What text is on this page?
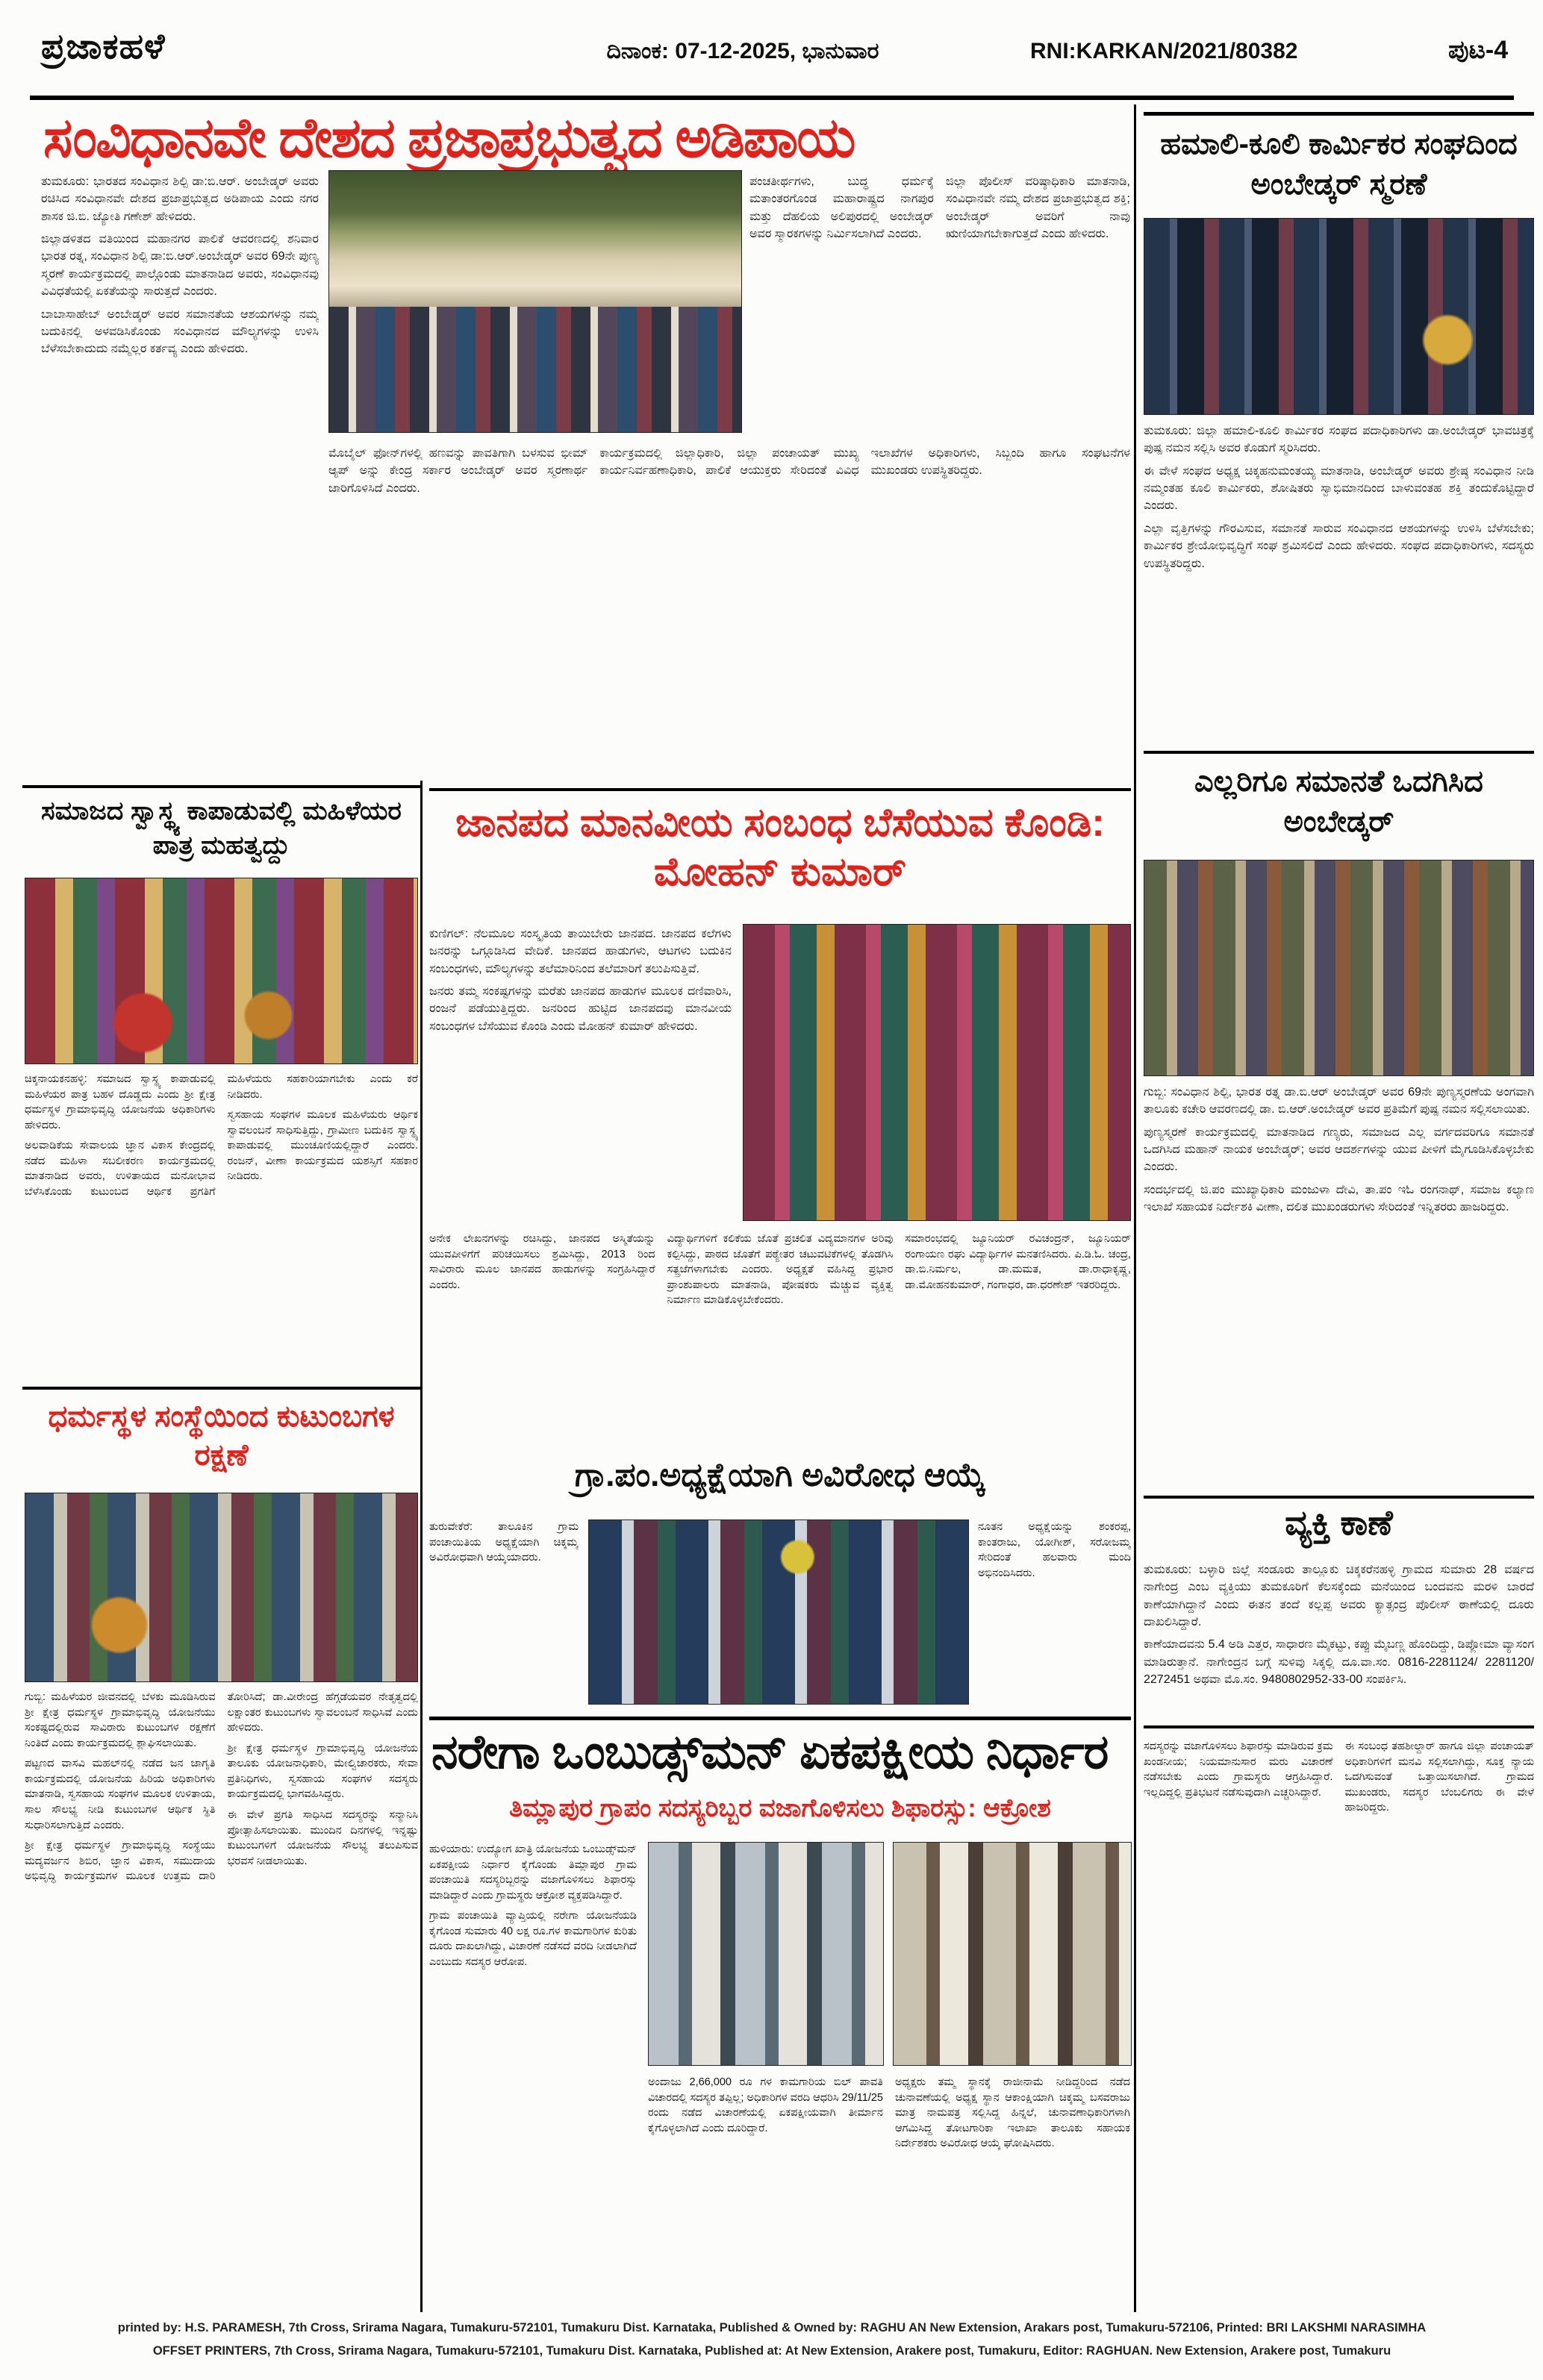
ಪ್ರಜಾಕಹಳೆ	ದಿನಾಂಕ: 07-12-2025, ಭಾನುವಾರ	RNI:KARKAN/2021/80382	ಪುಟ-4
ಸಂವಿಧಾನವೇ ದೇಶದ ಪ್ರಜಾಪ್ರಭುತ್ವದ ಅಡಿಪಾಯ

ತುಮಕೂರು: ಭಾರತದ ಸಂವಿಧಾನ ಶಿಲ್ಪಿ ಡಾ:ಬಿ.ಆರ್. ಅಂಬೇಡ್ಕರ್ ಅವರು ರಚಿಸಿದ ಸಂವಿಧಾನವೇ ದೇಶದ ಪ್ರಜಾಪ್ರಭುತ್ವದ ಅಡಿಪಾಯ ಎಂದು ನಗರ ಶಾಸಕ ಜಿ.ಬಿ. ಜ್ಯೋತಿ ಗಣೇಶ್ ಹೇಳಿದರು.

ಜಿಲ್ಲಾಡಳಿತದ ವತಿಯಿಂದ ಮಹಾನಗರ ಪಾಲಿಕೆ ಆವರಣದಲ್ಲಿ ಶನಿವಾರ ಭಾರತ ರತ್ನ, ಸಂವಿಧಾನ ಶಿಲ್ಪಿ ಡಾ:ಬಿ.ಆರ್.ಅಂಬೇಡ್ಕರ್ ಅವರ 69ನೇ ಪುಣ್ಯ ಸ್ಮರಣೆ ಕಾರ್ಯಕ್ರಮದಲ್ಲಿ ಪಾಲ್ಗೊಂಡು ಮಾತನಾಡಿದ ಅವರು, ಸಂವಿಧಾನವು ವಿವಿಧತೆಯಲ್ಲಿ ಏಕತೆಯನ್ನು ಸಾರುತ್ತದೆ ಎಂದರು.

ಬಾಬಾಸಾಹೇಬ್ ಅಂಬೇಡ್ಕರ್ ಅವರ ಸಮಾನತೆಯ ಆಶಯಗಳನ್ನು ನಮ್ಮ ಬದುಕಿನಲ್ಲಿ ಅಳವಡಿಸಿಕೊಂಡು ಸಂವಿಧಾನದ ಮೌಲ್ಯಗಳನ್ನು ಉಳಿಸಿ ಬೆಳೆಸಬೇಕಾದುದು ನಮ್ಮೆಲ್ಲರ ಕರ್ತವ್ಯ ಎಂದು ಹೇಳಿದರು.

ಪಂಚತೀರ್ಥಗಳು, ಬುದ್ಧ ಧರ್ಮಕ್ಕೆ ಮತಾಂತರಗೊಂಡ ಮಹಾರಾಷ್ಟ್ರದ ನಾಗಪುರ ಮತ್ತು ದೆಹಲಿಯ ಅಲಿಪುರದಲ್ಲಿ ಅಂಬೇಡ್ಕರ್ ಅವರ ಸ್ಮಾರಕಗಳನ್ನು ನಿರ್ಮಿಸಲಾಗಿದೆ ಎಂದರು.

ಜಿಲ್ಲಾ ಪೊಲೀಸ್ ವರಿಷ್ಠಾಧಿಕಾರಿ ಮಾತನಾಡಿ, ಸಂವಿಧಾನವೇ ನಮ್ಮ ದೇಶದ ಪ್ರಜಾಪ್ರಭುತ್ವದ ಶಕ್ತಿ; ಅಂಬೇಡ್ಕರ್ ಅವರಿಗೆ ನಾವು ಋಣಿಯಾಗಬೇಕಾಗುತ್ತದೆ ಎಂದು ಹೇಳಿದರು.

ಮೊಬೈಲ್ ಫೋನ್‌ಗಳಲ್ಲಿ ಹಣವನ್ನು ಪಾವತಿಗಾಗಿ ಬಳಸುವ ಭೀಮ್ ಆ್ಯಪ್ ಅನ್ನು ಕೇಂದ್ರ ಸರ್ಕಾರ ಅಂಬೇಡ್ಕರ್ ಅವರ ಸ್ಮರಣಾರ್ಥ ಜಾರಿಗೊಳಿಸಿದೆ ಎಂದರು.

ಕಾರ್ಯಕ್ರಮದಲ್ಲಿ ಜಿಲ್ಲಾಧಿಕಾರಿ, ಜಿಲ್ಲಾ ಪಂಚಾಯತ್ ಮುಖ್ಯ ಕಾರ್ಯನಿರ್ವಹಣಾಧಿಕಾರಿ, ಪಾಲಿಕೆ ಆಯುಕ್ತರು ಸೇರಿದಂತೆ ವಿವಿಧ ಇಲಾಖೆಗಳ ಅಧಿಕಾರಿಗಳು, ಸಿಬ್ಬಂದಿ ಹಾಗೂ ಸಂಘಟನೆಗಳ ಮುಖಂಡರು ಉಪಸ್ಥಿತರಿದ್ದರು.

ಹಮಾಲಿ-ಕೂಲಿ ಕಾರ್ಮಿಕರ ಸಂಘದಿಂದ ಅಂಬೇಡ್ಕರ್ ಸ್ಮರಣೆ

ತುಮಕೂರು: ಜಿಲ್ಲಾ ಹಮಾಲಿ-ಕೂಲಿ ಕಾರ್ಮಿಕರ ಸಂಘದ ಪದಾಧಿಕಾರಿಗಳು ಡಾ.ಅಂಬೇಡ್ಕರ್ ಭಾವಚಿತ್ರಕ್ಕೆ ಪುಷ್ಪ ನಮನ ಸಲ್ಲಿಸಿ ಅವರ ಕೊಡುಗೆ ಸ್ಮರಿಸಿದರು.

ಈ ವೇಳೆ ಸಂಘದ ಅಧ್ಯಕ್ಷ ಚಿಕ್ಕಹನುಮಂತಯ್ಯ ಮಾತನಾಡಿ, ಅಂಬೇಡ್ಕರ್ ಅವರು ಶ್ರೇಷ್ಠ ಸಂವಿಧಾನ ನೀಡಿ ನಮ್ಮಂತಹ ಕೂಲಿ ಕಾರ್ಮಿಕರು, ಶೋಷಿತರು ಸ್ವಾಭಿಮಾನದಿಂದ ಬಾಳುವಂತಹ ಶಕ್ತಿ ತಂದುಕೊಟ್ಟಿದ್ದಾರೆ ಎಂದರು.

ಎಲ್ಲಾ ವೃತ್ತಿಗಳನ್ನು ಗೌರವಿಸುವ, ಸಮಾನತೆ ಸಾರುವ ಸಂವಿಧಾನದ ಆಶಯಗಳನ್ನು ಉಳಿಸಿ ಬೆಳೆಸಬೇಕು; ಕಾರ್ಮಿಕರ ಶ್ರೇಯೋಭಿವೃದ್ಧಿಗೆ ಸಂಘ ಶ್ರಮಿಸಲಿದೆ ಎಂದು ಹೇಳಿದರು. ಸಂಘದ ಪದಾಧಿಕಾರಿಗಳು, ಸದಸ್ಯರು ಉಪಸ್ಥಿತರಿದ್ದರು.

ಸಮಾಜದ ಸ್ವಾಸ್ಥ್ಯ ಕಾಪಾಡುವಲ್ಲಿ ಮಹಿಳೆಯರ ಪಾತ್ರ ಮಹತ್ವದ್ದು

ಚಿಕ್ಕನಾಯಕನಹಳ್ಳಿ: ಸಮಾಜದ ಸ್ವಾಸ್ಥ್ಯ ಕಾಪಾಡುವಲ್ಲಿ ಮಹಿಳೆಯರ ಪಾತ್ರ ಬಹಳ ದೊಡ್ಡದು ಎಂದು ಶ್ರೀ ಕ್ಷೇತ್ರ ಧರ್ಮಸ್ಥಳ ಗ್ರಾಮಾಭಿವೃದ್ಧಿ ಯೋಜನೆಯ ಅಧಿಕಾರಿಗಳು ಹೇಳಿದರು.

ಅಲವಾಡಿಕೆಯ ಸೇವಾಲಯ ಜ್ಞಾನ ವಿಕಾಸ ಕೇಂದ್ರದಲ್ಲಿ ನಡೆದ ಮಹಿಳಾ ಸಬಲೀಕರಣ ಕಾರ್ಯಕ್ರಮದಲ್ಲಿ ಮಾತನಾಡಿದ ಅವರು, ಉಳಿತಾಯದ ಮನೋಭಾವ ಬೆಳೆಸಿಕೊಂಡು ಕುಟುಂಬದ ಆರ್ಥಿಕ ಪ್ರಗತಿಗೆ ಮಹಿಳೆಯರು ಸಹಕಾರಿಯಾಗಬೇಕು ಎಂದು ಕರೆ ನೀಡಿದರು.

ಸ್ವಸಹಾಯ ಸಂಘಗಳ ಮೂಲಕ ಮಹಿಳೆಯರು ಆರ್ಥಿಕ ಸ್ವಾವಲಂಬನೆ ಸಾಧಿಸುತ್ತಿದ್ದು, ಗ್ರಾಮೀಣ ಬದುಕಿನ ಸ್ವಾಸ್ಥ್ಯ ಕಾಪಾಡುವಲ್ಲಿ ಮುಂಚೂಣಿಯಲ್ಲಿದ್ದಾರೆ ಎಂದರು. ರಂಜನ್, ವೀಣಾ ಕಾರ್ಯಕ್ರಮದ ಯಶಸ್ಸಿಗೆ ಸಹಕಾರ ನೀಡಿದರು.

ಜಾನಪದ ಮಾನವೀಯ ಸಂಬಂಧ ಬೆಸೆಯುವ ಕೊಂಡಿ: ಮೋಹನ್ ಕುಮಾರ್

ಕುಣಿಗಲ್: ನೆಲಮೂಲ ಸಂಸ್ಕೃತಿಯ ತಾಯಿಬೇರು ಜಾನಪದ. ಜಾನಪದ ಕಲೆಗಳು ಜನರನ್ನು ಒಗ್ಗೂಡಿಸಿದ ವೇದಿಕೆ. ಜಾನಪದ ಹಾಡುಗಳು, ಆಟಗಳು ಬದುಕಿನ ಸಂಬಂಧಗಳು, ಮೌಲ್ಯಗಳನ್ನು ತಲೆಮಾರಿನಿಂದ ತಲೆಮಾರಿಗೆ ತಲುಪಿಸುತ್ತಿವೆ.

ಜನರು ತಮ್ಮ ಸಂಕಷ್ಟಗಳನ್ನು ಮರೆತು ಜಾನಪದ ಹಾಡುಗಳ ಮೂಲಕ ದಣಿವಾರಿಸಿ, ರಂಜನೆ ಪಡೆಯುತ್ತಿದ್ದರು. ಜನರಿಂದ ಹುಟ್ಟಿದ ಜಾನಪದವು ಮಾನವೀಯ ಸಂಬಂಧಗಳ ಬೆಸೆಯುವ ಕೊಂಡಿ ಎಂದು ಮೋಹನ್ ಕುಮಾರ್ ಹೇಳಿದರು.

ಅನೇಕ ಲೇಖನಗಳನ್ನು ರಚಿಸಿದ್ದು, ಜಾನಪದ ಅಸ್ಮಿತೆಯನ್ನು ಯುವಪೀಳಿಗೆಗೆ ಪರಿಚಯಿಸಲು ಶ್ರಮಿಸಿದ್ದು, 2013 ರಿಂದ ಸಾವಿರಾರು ಮೂಲ ಜಾನಪದ ಹಾಡುಗಳನ್ನು ಸಂಗ್ರಹಿಸಿದ್ದಾರೆ ಎಂದರು.

ವಿದ್ಯಾರ್ಥಿಗಳಿಗೆ ಕಲಿಕೆಯ ಜೊತೆ ಪ್ರಚಲಿತ ವಿದ್ಯಮಾನಗಳ ಅರಿವು ಕಲ್ಪಿಸಿದ್ದು, ಪಾಠದ ಜೊತೆಗೆ ಪಠ್ಯೇತರ ಚಟುವಟಿಕೆಗಳಲ್ಲಿ ತೊಡಗಿಸಿ ಸತ್ಪ್ರಜೆಗಳಾಗಬೇಕು ಎಂದರು. ಅಧ್ಯಕ್ಷತೆ ವಹಿಸಿದ್ದ ಪ್ರಭಾರ ಪ್ರಾಂಶುಪಾಲರು ಮಾತನಾಡಿ, ಪೋಷಕರು ಮೆಚ್ಚುವ ವ್ಯಕ್ತಿತ್ವ ನಿರ್ಮಾಣ ಮಾಡಿಕೊಳ್ಳಬೇಕೆಂದರು.

ಸಮಾರಂಭದಲ್ಲಿ ಜ್ಯೂನಿಯರ್ ರವಿಚಂದ್ರನ್, ಜ್ಯೂನಿಯರ್ ರಂಗಾಯಣ ರಘು ವಿದ್ಯಾರ್ಥಿಗಳ ಮನತಣಿಸಿದರು. ಪಿ.ಡಿ.ಓ. ಚಂದ್ರ, ಡಾ.ಬಿ.ನಿರ್ಮಲ, ಡಾ.ಮಮತ, ಡಾ.ರಾಧಾಕೃಷ್ಣ, ಡಾ.ಮೋಹನಕುಮಾರ್, ಗಂಗಾಧರ, ಡಾ.ಧರಣೇಶ್ ಇತರರಿದ್ದರು.

ಎಲ್ಲರಿಗೂ ಸಮಾನತೆ ಒದಗಿಸಿದ ಅಂಬೇಡ್ಕರ್

ಗುಬ್ಬಿ: ಸಂವಿಧಾನ ಶಿಲ್ಪಿ, ಭಾರತ ರತ್ನ ಡಾ.ಬಿ.ಆರ್ ಅಂಬೇಡ್ಕರ್ ಅವರ 69ನೇ ಪುಣ್ಯಸ್ಮರಣೆಯ ಅಂಗವಾಗಿ ತಾಲೂಕು ಕಚೇರಿ ಆವರಣದಲ್ಲಿ ಡಾ. ಬಿ.ಆರ್.ಅಂಬೇಡ್ಕರ್ ಅವರ ಪ್ರತಿಮೆಗೆ ಪುಷ್ಪ ನಮನ ಸಲ್ಲಿಸಲಾಯಿತು.

ಪುಣ್ಯಸ್ಮರಣೆ ಕಾರ್ಯಕ್ರಮದಲ್ಲಿ ಮಾತನಾಡಿದ ಗಣ್ಯರು, ಸಮಾಜದ ಎಲ್ಲ ವರ್ಗದವರಿಗೂ ಸಮಾನತೆ ಒದಗಿಸಿದ ಮಹಾನ್ ನಾಯಕ ಅಂಬೇಡ್ಕರ್; ಅವರ ಆದರ್ಶಗಳನ್ನು ಯುವ ಪೀಳಿಗೆ ಮೈಗೂಡಿಸಿಕೊಳ್ಳಬೇಕು ಎಂದರು.

ಸಂದರ್ಭದಲ್ಲಿ ಜಿ.ಪಂ ಮುಖ್ಯಾಧಿಕಾರಿ ಮಂಜುಳಾ ದೇವಿ, ತಾ.ಪಂ ಇಓ ರಂಗನಾಥ್, ಸಮಾಜ ಕಲ್ಯಾಣ ಇಲಾಖೆ ಸಹಾಯಕ ನಿರ್ದೇಶಕಿ ವೀಣಾ, ದಲಿತ ಮುಖಂಡರುಗಳು ಸೇರಿದಂತೆ ಇನ್ನಿತರರು ಹಾಜರಿದ್ದರು.

ವ್ಯಕ್ತಿ ಕಾಣೆ

ತುಮಕೂರು: ಬಳ್ಳಾರಿ ಜಿಲ್ಲೆ ಸಂಡೂರು ತಾಲ್ಲೂಕು ಚಿಕ್ಕಕರೆನಹಳ್ಳಿ ಗ್ರಾಮದ ಸುಮಾರು 28 ವರ್ಷದ ನಾಗೇಂದ್ರ ಎಂಬ ವ್ಯಕ್ತಿಯು ತುಮಕೂರಿಗೆ ಕೆಲಸಕ್ಕೆಂದು ಮನೆಯಿಂದ ಬಂದವನು ಮರಳಿ ಬಾರದೆ ಕಾಣೆಯಾಗಿದ್ದಾನೆ ಎಂದು ಈತನ ತಂದೆ ಕಲ್ಲಪ್ಪ ಅವರು ಕ್ಯಾತ್ಸಂದ್ರ ಪೊಲೀಸ್ ಠಾಣೆಯಲ್ಲಿ ದೂರು ದಾಖಲಿಸಿದ್ದಾರೆ.

ಕಾಣೆಯಾದವನು 5.4 ಅಡಿ ಎತ್ತರ, ಸಾಧಾರಣ ಮೈಕಟ್ಟು, ಕಪ್ಪು ಮೈಬಣ್ಣ ಹೊಂದಿದ್ದು, ಡಿಪ್ಲೋಮಾ ವ್ಯಾಸಂಗ ಮಾಡಿರುತ್ತಾನೆ. ನಾಗೇಂದ್ರನ ಬಗ್ಗೆ ಸುಳಿವು ಸಿಕ್ಕಲ್ಲಿ ದೂ.ವಾ.ಸಂ. 0816-2281124/ 2281120/ 2272451 ಅಥವಾ ಮೊ.ಸಂ. 9480802952-33-00 ಸಂಪರ್ಕಿಸಿ.

ಧರ್ಮಸ್ಥಳ ಸಂಸ್ಥೆಯಿಂದ ಕುಟುಂಬಗಳ ರಕ್ಷಣೆ

ಗುಬ್ಬಿ: ಮಹಿಳೆಯರ ಜೀವನದಲ್ಲಿ ಬೆಳಕು ಮೂಡಿಸಿರುವ ಶ್ರೀ ಕ್ಷೇತ್ರ ಧರ್ಮಸ್ಥಳ ಗ್ರಾಮಾಭಿವೃದ್ಧಿ ಯೋಜನೆಯು ಸಂಕಷ್ಟದಲ್ಲಿರುವ ಸಾವಿರಾರು ಕುಟುಂಬಗಳ ರಕ್ಷಣೆಗೆ ನಿಂತಿದೆ ಎಂದು ಕಾರ್ಯಕ್ರಮದಲ್ಲಿ ಶ್ಲಾಘಿಸಲಾಯಿತು.

ಪಟ್ಟಣದ ವಾಸವಿ ಮಹಲ್‌ನಲ್ಲಿ ನಡೆದ ಜನ ಜಾಗೃತಿ ಕಾರ್ಯಕ್ರಮದಲ್ಲಿ ಯೋಜನೆಯ ಹಿರಿಯ ಅಧಿಕಾರಿಗಳು ಮಾತನಾಡಿ, ಸ್ವಸಹಾಯ ಸಂಘಗಳ ಮೂಲಕ ಉಳಿತಾಯ, ಸಾಲ ಸೌಲಭ್ಯ ನೀಡಿ ಕುಟುಂಬಗಳ ಆರ್ಥಿಕ ಸ್ಥಿತಿ ಸುಧಾರಿಸಲಾಗುತ್ತಿದೆ ಎಂದರು.

ಶ್ರೀ ಕ್ಷೇತ್ರ ಧರ್ಮಸ್ಥಳ ಗ್ರಾಮಾಭಿವೃದ್ಧಿ ಸಂಸ್ಥೆಯು ಮದ್ಯವರ್ಜನ ಶಿಬಿರ, ಜ್ಞಾನ ವಿಕಾಸ, ಸಮುದಾಯ ಅಭಿವೃದ್ಧಿ ಕಾರ್ಯಕ್ರಮಗಳ ಮೂಲಕ ಉತ್ತಮ ದಾರಿ ತೋರಿಸಿದೆ; ಡಾ.ವೀರೇಂದ್ರ ಹೆಗ್ಗಡೆಯವರ ನೇತೃತ್ವದಲ್ಲಿ ಲಕ್ಷಾಂತರ ಕುಟುಂಬಗಳು ಸ್ವಾವಲಂಬನೆ ಸಾಧಿಸಿವೆ ಎಂದು ಹೇಳಿದರು.

ಶ್ರೀ ಕ್ಷೇತ್ರ ಧರ್ಮಸ್ಥಳ ಗ್ರಾಮಾಭಿವೃದ್ಧಿ ಯೋಜನೆಯ ತಾಲೂಕು ಯೋಜನಾಧಿಕಾರಿ, ಮೇಲ್ವಿಚಾರಕರು, ಸೇವಾ ಪ್ರತಿನಿಧಿಗಳು, ಸ್ವಸಹಾಯ ಸಂಘಗಳ ಸದಸ್ಯರು ಕಾರ್ಯಕ್ರಮದಲ್ಲಿ ಭಾಗವಹಿಸಿದ್ದರು.

ಈ ವೇಳೆ ಪ್ರಗತಿ ಸಾಧಿಸಿದ ಸದಸ್ಯರನ್ನು ಸನ್ಮಾನಿಸಿ ಪ್ರೋತ್ಸಾಹಿಸಲಾಯಿತು. ಮುಂದಿನ ದಿನಗಳಲ್ಲಿ ಇನ್ನಷ್ಟು ಕುಟುಂಬಗಳಿಗೆ ಯೋಜನೆಯ ಸೌಲಭ್ಯ ತಲುಪಿಸುವ ಭರವಸೆ ನೀಡಲಾಯಿತು.

ಗ್ರಾ.ಪಂ.ಅಧ್ಯಕ್ಷೆಯಾಗಿ ಅವಿರೋಧ ಆಯ್ಕೆ

ತುರುವೇಕೆರೆ: ತಾಲೂಕಿನ ಗ್ರಾಮ ಪಂಚಾಯಿತಿಯ ಅಧ್ಯಕ್ಷೆಯಾಗಿ ಚಿಕ್ಕಮ್ಮ ಅವಿರೋಧವಾಗಿ ಆಯ್ಕೆಯಾದರು.

ನೂತನ ಅಧ್ಯಕ್ಷೆಯನ್ನು ಶಂಕರಪ್ಪ, ಕಾಂತರಾಜು, ಯೋಗೀಶ್, ಸರೋಜಮ್ಮ ಸೇರಿದಂತೆ ಹಲವಾರು ಮಂದಿ ಅಭಿನಂದಿಸಿದರು.

ನರೇಗಾ ಒಂಬುಡ್ಸ್‌ಮನ್ ಏಕಪಕ್ಷೀಯ ನಿರ್ಧಾರ
ತಿಮ್ಲಾಪುರ ಗ್ರಾಪಂ ಸದಸ್ಯರಿಬ್ಬರ ವಜಾಗೊಳಿಸಲು ಶಿಫಾರಸ್ಸು: ಆಕ್ರೋಶ

ಹುಳಿಯಾರು: ಉದ್ಯೋಗ ಖಾತ್ರಿ ಯೋಜನೆಯ ಒಂಬುಡ್ಸ್‌ಮನ್ ಏಕಪಕ್ಷೀಯ ನಿರ್ಧಾರ ಕೈಗೊಂಡು ತಿಮ್ಲಾಪುರ ಗ್ರಾಮ ಪಂಚಾಯಿತಿ ಸದಸ್ಯರಿಬ್ಬರನ್ನು ವಜಾಗೊಳಿಸಲು ಶಿಫಾರಸ್ಸು ಮಾಡಿದ್ದಾರೆ ಎಂದು ಗ್ರಾಮಸ್ಥರು ಆಕ್ರೋಶ ವ್ಯಕ್ತಪಡಿಸಿದ್ದಾರೆ.

ಗ್ರಾಮ ಪಂಚಾಯಿತಿ ವ್ಯಾಪ್ತಿಯಲ್ಲಿ ನರೇಗಾ ಯೋಜನೆಯಡಿ ಕೈಗೊಂಡ ಸುಮಾರು 40 ಲಕ್ಷ ರೂ.ಗಳ ಕಾಮಗಾರಿಗಳ ಕುರಿತು ದೂರು ದಾಖಲಾಗಿದ್ದು, ವಿಚಾರಣೆ ನಡೆಸದೆ ವರದಿ ನೀಡಲಾಗಿದೆ ಎಂಬುದು ಸದಸ್ಯರ ಆರೋಪ.

ಅಂದಾಜು 2,66,000 ರೂ ಗಳ ಕಾಮಗಾರಿಯ ಬಿಲ್ ಪಾವತಿ ವಿಚಾರದಲ್ಲಿ ಸದಸ್ಯರ ತಪ್ಪಿಲ್ಲ; ಅಧಿಕಾರಿಗಳ ವರದಿ ಆಧರಿಸಿ 29/11/25 ರಂದು ನಡೆದ ವಿಚಾರಣೆಯಲ್ಲಿ ಏಕಪಕ್ಷೀಯವಾಗಿ ತೀರ್ಮಾನ ಕೈಗೊಳ್ಳಲಾಗಿದೆ ಎಂದು ದೂರಿದ್ದಾರೆ.

ಅಧ್ಯಕ್ಷರು ತಮ್ಮ ಸ್ಥಾನಕ್ಕೆ ರಾಜೀನಾಮೆ ನೀಡಿದ್ದರಿಂದ ನಡೆದ ಚುನಾವಣೆಯಲ್ಲಿ ಅಧ್ಯಕ್ಷ ಸ್ಥಾನ ಆಕಾಂಕ್ಷಿಯಾಗಿ ಚಿಕ್ಕಮ್ಮ ಬಸವರಾಜು ಮಾತ್ರ ನಾಮಪತ್ರ ಸಲ್ಲಿಸಿದ್ದ ಹಿನ್ನಲೆ, ಚುನಾವಣಾಧಿಕಾರಿಗಳಾಗಿ ಆಗಮಿಸಿದ್ದ ತೋಟಗಾರಿಕಾ ಇಲಾಖಾ ತಾಲೂಕು ಸಹಾಯಕ ನಿರ್ದೇಶಕರು ಅವಿರೋಧ ಆಯ್ಕೆ ಘೋಷಿಸಿದರು.

ಸದಸ್ಯರನ್ನು ವಜಾಗೊಳಿಸಲು ಶಿಫಾರಸ್ಸು ಮಾಡಿರುವ ಕ್ರಮ ಖಂಡನೀಯ; ನಿಯಮಾನುಸಾರ ಮರು ವಿಚಾರಣೆ ನಡೆಸಬೇಕು ಎಂದು ಗ್ರಾಮಸ್ಥರು ಆಗ್ರಹಿಸಿದ್ದಾರೆ. ಇಲ್ಲದಿದ್ದಲ್ಲಿ ಪ್ರತಿಭಟನೆ ನಡೆಸುವುದಾಗಿ ಎಚ್ಚರಿಸಿದ್ದಾರೆ.

ಈ ಸಂಬಂಧ ತಹಶೀಲ್ದಾರ್ ಹಾಗೂ ಜಿಲ್ಲಾ ಪಂಚಾಯತ್ ಅಧಿಕಾರಿಗಳಿಗೆ ಮನವಿ ಸಲ್ಲಿಸಲಾಗಿದ್ದು, ಸೂಕ್ತ ನ್ಯಾಯ ಒದಗಿಸುವಂತೆ ಒತ್ತಾಯಿಸಲಾಗಿದೆ. ಗ್ರಾಮದ ಮುಖಂಡರು, ಸದಸ್ಯರ ಬೆಂಬಲಿಗರು ಈ ವೇಳೆ ಹಾಜರಿದ್ದರು.

printed by: H.S. PARAMESH, 7th Cross, Srirama Nagara, Tumakuru-572101, Tumakuru Dist. Karnataka, Published & Owned by: RAGHU AN New Extension, Arakars post, Tumakuru-572106, Printed: BRI LAKSHMI NARASIMHA
OFFSET PRINTERS, 7th Cross, Srirama Nagara, Tumakuru-572101, Tumakuru Dist. Karnataka, Published at: At New Extension, Arakere post, Tumakuru, Editor: RAGHUAN. New Extension, Arakere post, Tumakuru
